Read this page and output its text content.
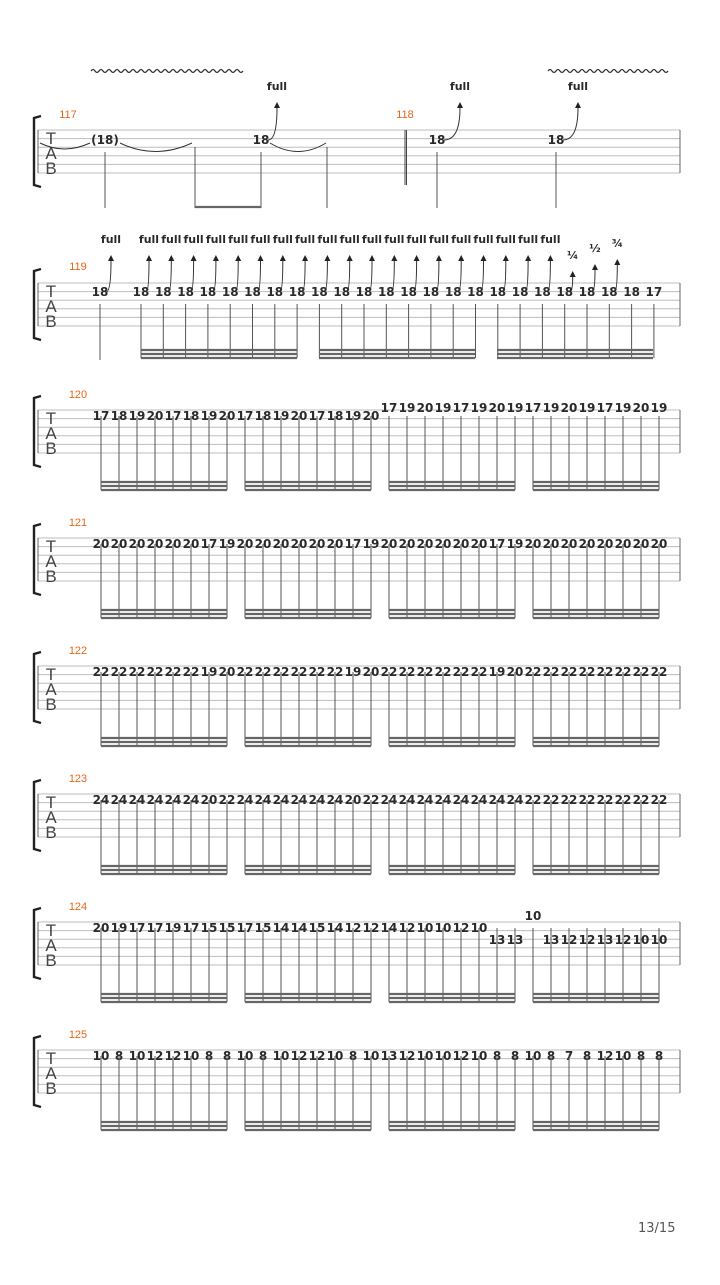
T
A
B
(18)	18	18	18
full	full	full
117	118
T
A
B
18 18 18 18 18 18 18 18 18 18 18 18 18 18 18 18 18 18 18 18 18 18 18 18 17
full full full full full full full full full full full full full full full full full full full full
¼
½ ¾
119
T
A
B
17 18 19 20 17 18 19 20 17 18 19 20 17 18 19 20
17 19 20 19 17 19 20 19 17 19 20 19 17 19 20 19
120
T
A
B
20 20 20 20 20 20 17 19 20 20 20 20 20 20 17 19 20 20 20 20 20 20 17 19 20 20 20 20 20 20 20 20
121
T
A
B
22 22 22 22 22 22 19 20 22 22 22 22 22 22 19 20 22 22 22 22 22 22 19 20 22 22 22 22 22 22 22 22
122
T
A
B
24 24 24 24 24 24 20 22 24 24 24 24 24 24 20 22 24 24 24 24 24 24 24 24 22 22 22 22 22 22 22 22
123
T
A
B
20 19 17 17 19 17 15 15 17 15 14 14 15 14 12 12 14 12 10 10 12 10
13 13
10
13 12 12 13 12 10 10
124
T
A
B
10 8 10 12 12 10 8 8 10 8 10 12 12 10 8 10 13 12 10 10 12 10 8 8 10 8 7 8 12 10 8 8
125
13/15
